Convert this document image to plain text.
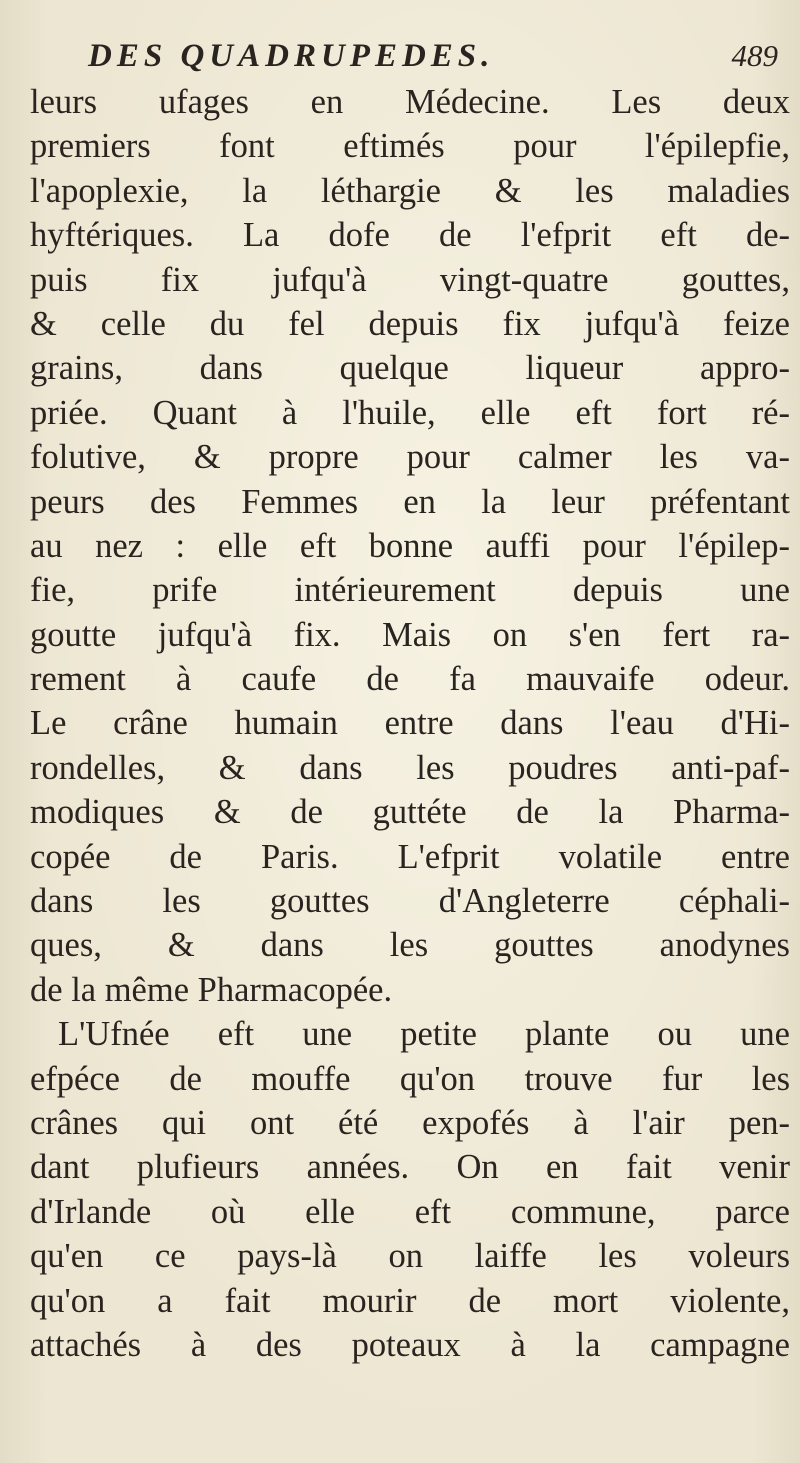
DES QUADRUPEDES.	489
leurs ufages en Médecine. Les deux
premiers font eftimés pour l'épilepfie,
l'apoplexie, la léthargie & les maladies
hyftériques. La dofe de l'efprit eft de-
puis fix jufqu'à vingt-quatre gouttes,
& celle du fel depuis fix jufqu'à feize
grains, dans quelque liqueur appro-
priée. Quant à l'huile, elle eft fort ré-
folutive, & propre pour calmer les va-
peurs des Femmes en la leur préfentant
au nez : elle eft bonne auffi pour l'épilep-
fie, prife intérieurement depuis une
goutte jufqu'à fix. Mais on s'en fert ra-
rement à caufe de fa mauvaife odeur.
Le crâne humain entre dans l'eau d'Hi-
rondelles, & dans les poudres anti-paf-
modiques & de guttéte de la Pharma-
copée de Paris. L'efprit volatile entre
dans les gouttes d'Angleterre céphali-
ques, & dans les gouttes anodynes
de la même Pharmacopée.
L'Ufnée eft une petite plante ou une
efpéce de mouffe qu'on trouve fur les
crânes qui ont été expofés à l'air pen-
dant plufieurs années. On en fait venir
d'Irlande où elle eft commune, parce
qu'en ce pays-là on laiffe les voleurs
qu'on a fait mourir de mort violente,
attachés à des poteaux à la campagne
